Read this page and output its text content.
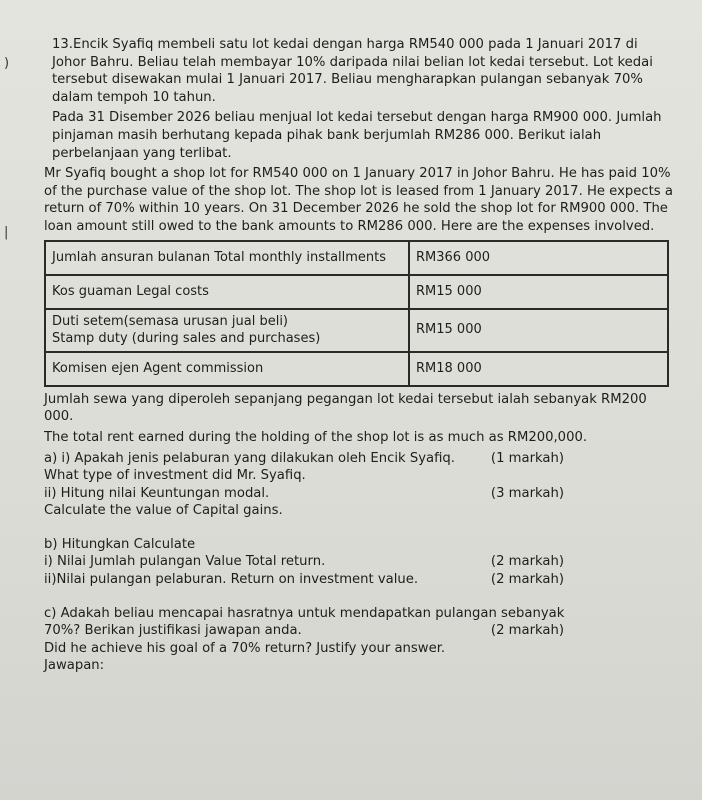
)
|

13.Encik Syafiq membeli satu lot kedai dengan harga RM540 000 pada 1 Januari 2017 di Johor Bahru. Beliau telah membayar 10% daripada nilai belian lot kedai tersebut. Lot kedai tersebut disewakan mulai 1 Januari 2017. Beliau mengharapkan pulangan sebanyak 70% dalam tempoh 10 tahun.

Pada 31 Disember 2026 beliau menjual lot kedai tersebut dengan harga RM900 000. Jumlah pinjaman masih berhutang kepada pihak bank berjumlah RM286 000. Berikut ialah perbelanjaan yang terlibat.

Mr Syafiq bought a shop lot for RM540 000 on 1 January 2017 in Johor Bahru. He has paid 10% of the purchase value of the shop lot. The shop lot is leased from 1 January 2017. He expects a return of 70% within 10 years. On 31 December 2026 he sold the shop lot for RM900 000. The loan amount still owed to the bank amounts to RM286 000. Here are the expenses involved.

Jumlah ansuran bulanan Total monthly installments	RM366 000
Kos guaman Legal costs	RM15 000

Duti setem(semasa urusan jual beli)
Stamp duty (during sales and purchases)	RM15 000
Komisen ejen Agent commission	RM18 000

Jumlah sewa yang diperoleh sepanjang pegangan lot kedai tersebut ialah sebanyak RM200 000.

The total rent earned during the holding of the shop lot is as much as RM200,000.

a) i) Apakah jenis pelaburan yang dilakukan oleh Encik Syafiq.	(1 markah)

What type of investment did Mr. Syafiq.

ii) Hitung nilai Keuntungan modal.	(3 markah)

Calculate the value of Capital gains.

b) Hitungkan Calculate

i) Nilai Jumlah pulangan Value Total return.	(2 markah)
ii)Nilai pulangan pelaburan. Return on investment value.	(2 markah)

c) Adakah beliau mencapai hasratnya untuk mendapatkan pulangan sebanyak

70%? Berikan justifikasi jawapan anda.	(2 markah)

Did he achieve his goal of a 70% return? Justify your answer.

Jawapan:
